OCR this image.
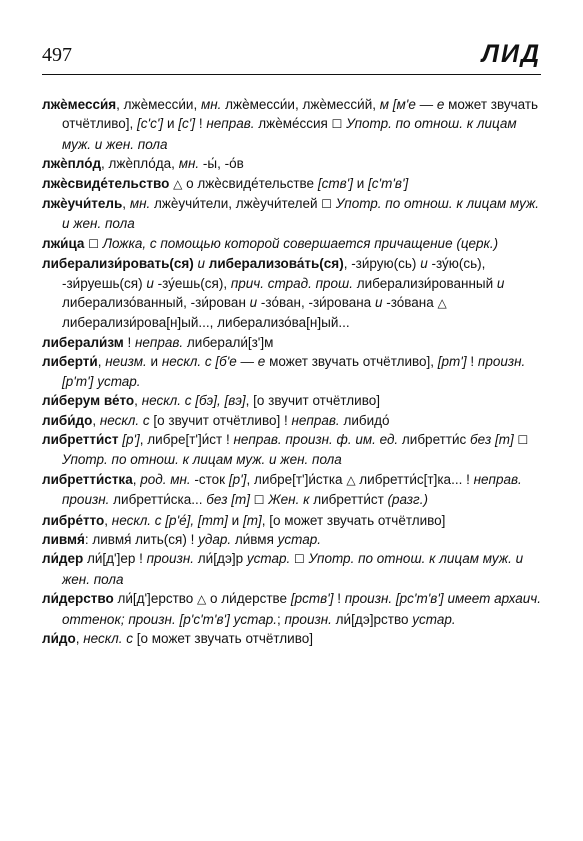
497	ЛИД

лжѐмесси́я, лжѐмесси́и, мн. лжѐмесси́и, лжѐмесси́й, м [м'е — е может звучать отчётливо], [с'с'] и [с'] ! неправ. лжѐме́ссия ☐ Употр. по отнош. к лицам муж. и жен. пола

лжѐпло́д, лжѐпло́да, мн. -ы́, -о́в

лжѐсвиде́тельство △ о лжѐсвиде́тельстве [ств'] и [с'т'в']

лжѐучи́тель, мн. лжѐучи́тели, лжѐучи́телей ☐ Употр. по отнош. к лицам муж. и жен. пола

лжи́ца ☐ Ложка, с помощью которой совершается причащение (церк.)

либерализи́ровать(ся) и либерализова́ть(ся), -зи́рую(сь) и -зу́ю(сь), -зи́руешь(ся) и -зу́ешь(ся), прич. страд. прош. либерализи́рованный и либерализо́ванный, -зи́рован и -зо́ван, -зи́рована и -зо́вана △ либерализи́рова[н]ый..., либерализо́ва[н]ый...

либерали́зм ! неправ. либерали́[з']м

либерти́, неизм. и нескл. с [б'е — е может звучать отчётливо], [рт'] ! произн. [р'т'] устар.

ли́берум ве́то, нескл. с [бэ], [вэ], [о звучит отчётливо]

либи́до, нескл. с [о звучит отчётливо] ! неправ. либидо́

либретти́ст [р'], либре[т']и́ст ! неправ. произн. ф. им. ед. либретти́с без [т] ☐ Употр. по отнош. к лицам муж. и жен. пола

либретти́стка, род. мн. -сток [р'], либре[т']и́стка △ либретти́с[т]ка... ! неправ. произн. либретти́ска... без [т] ☐ Жен. к либретти́ст (разг.)

либре́тто, нескл. с [р'е́], [тт] и [т], [о может звучать отчётливо]

ливмя́: ливмя́ лить(ся) ! удар. ли́вмя устар.

ли́дер ли́[д']ер ! произн. ли́[дэ]р устар. ☐ Употр. по отнош. к лицам муж. и жен. пола

ли́дерство ли́[д']ерство △ о ли́дерстве [рств'] ! произн. [рс'т'в'] имеет архаич. оттенок; произн. [р'с'т'в'] устар.; произн. ли́[дэ]рство устар.

ли́до, нескл. с [о может звучать отчётливо]
